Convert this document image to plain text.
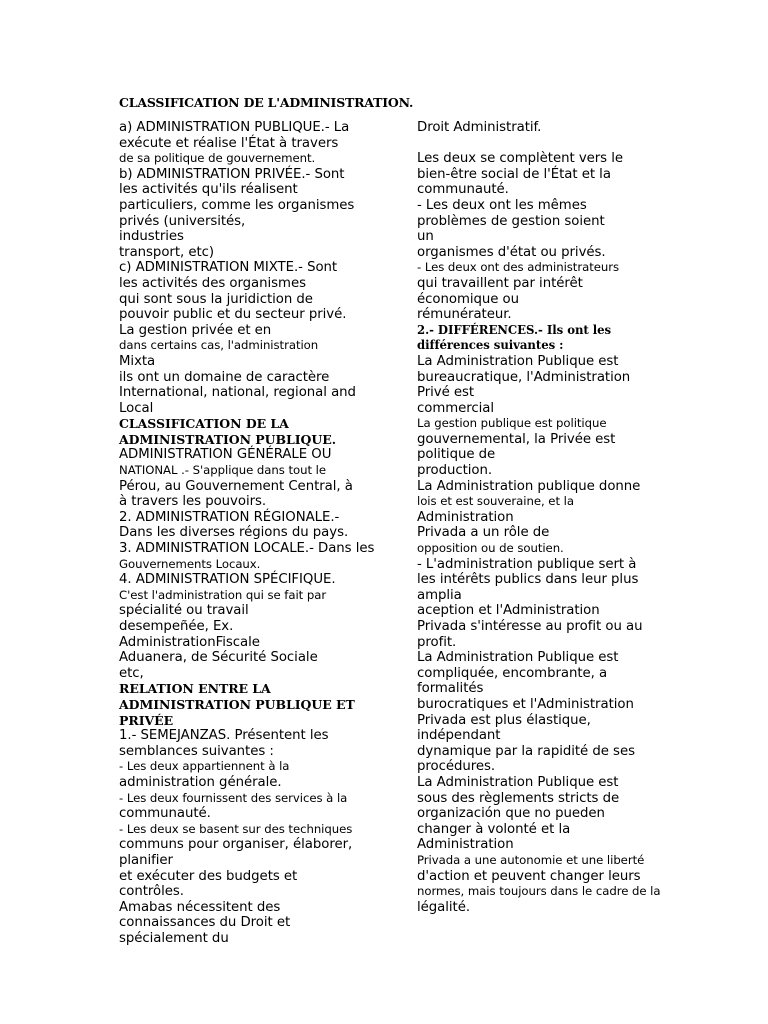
CLASSIFICATION DE L'ADMINISTRATION.
a) ADMINISTRATION PUBLIQUE.- La
exécute et réalise l'État à travers
de sa politique de gouvernement.
b) ADMINISTRATION PRIVÉE.- Sont
les activités qu'ils réalisent
particuliers, comme les organismes
privés (universités,
industries
transport, etc)
c) ADMINISTRATION MIXTE.- Sont
les activités des organismes
qui sont sous la juridiction de
pouvoir public et du secteur privé.
La gestion privée et en
dans certains cas, l'administration
Mixta
ils ont un domaine de caractère
International, national, regional and
Local
CLASSIFICATION DE LA
ADMINISTRATION PUBLIQUE.
ADMINISTRATION GÉNÉRALE OU
NATIONAL .- S'applique dans tout le
Pérou, au Gouvernement Central, à
à travers les pouvoirs.
2. ADMINISTRATION RÉGIONALE.-
Dans les diverses régions du pays.
3. ADMINISTRATION LOCALE.- Dans les
Gouvernements Locaux.
4. ADMINISTRATION SPÉCIFIQUE.
C'est l'administration qui se fait par
spécialité ou travail
desempeñée, Ex.
AdministrationFiscale
Aduanera, de Sécurité Sociale
etc,
RELATION ENTRE LA
ADMINISTRATION PUBLIQUE ET
PRIVÉE
1.- SEMEJANZAS. Présentent les
semblances suivantes :
- Les deux appartiennent à la
administration générale.
- Les deux fournissent des services à la
communauté.
- Les deux se basent sur des techniques
communs pour organiser, élaborer,
planifier
et exécuter des budgets et
contrôles.
Amabas nécessitent des
connaissances du Droit et
spécialement du
Droit Administratif.
Les deux se complètent vers le
bien-être social de l'État et la
communauté.
- Les deux ont les mêmes
problèmes de gestion soient
un
organismes d'état ou privés.
- Les deux ont des administrateurs
qui travaillent par intérêt
économique ou
rémunérateur.
2.- DIFFÉRENCES.- Ils ont les
différences suivantes :
La Administration Publique est
bureaucratique, l'Administration
Privé est
commercial
La gestion publique est politique
gouvernemental, la Privée est
politique de
production.
La Administration publique donne
lois et est souveraine, et la
Administration
Privada a un rôle de
opposition ou de soutien.
- L'administration publique sert à
les intérêts publics dans leur plus
amplia
aception et l'Administration
Privada s'intéresse au profit ou au
profit.
La Administration Publique est
compliquée, encombrante, a
formalités
burocratiques et l'Administration
Privada est plus élastique,
indépendant
dynamique par la rapidité de ses
procédures.
La Administration Publique est
sous des règlements stricts de
organización que no pueden
changer à volonté et la
Administration
Privada a une autonomie et une liberté
d'action et peuvent changer leurs
normes, mais toujours dans le cadre de la
légalité.
